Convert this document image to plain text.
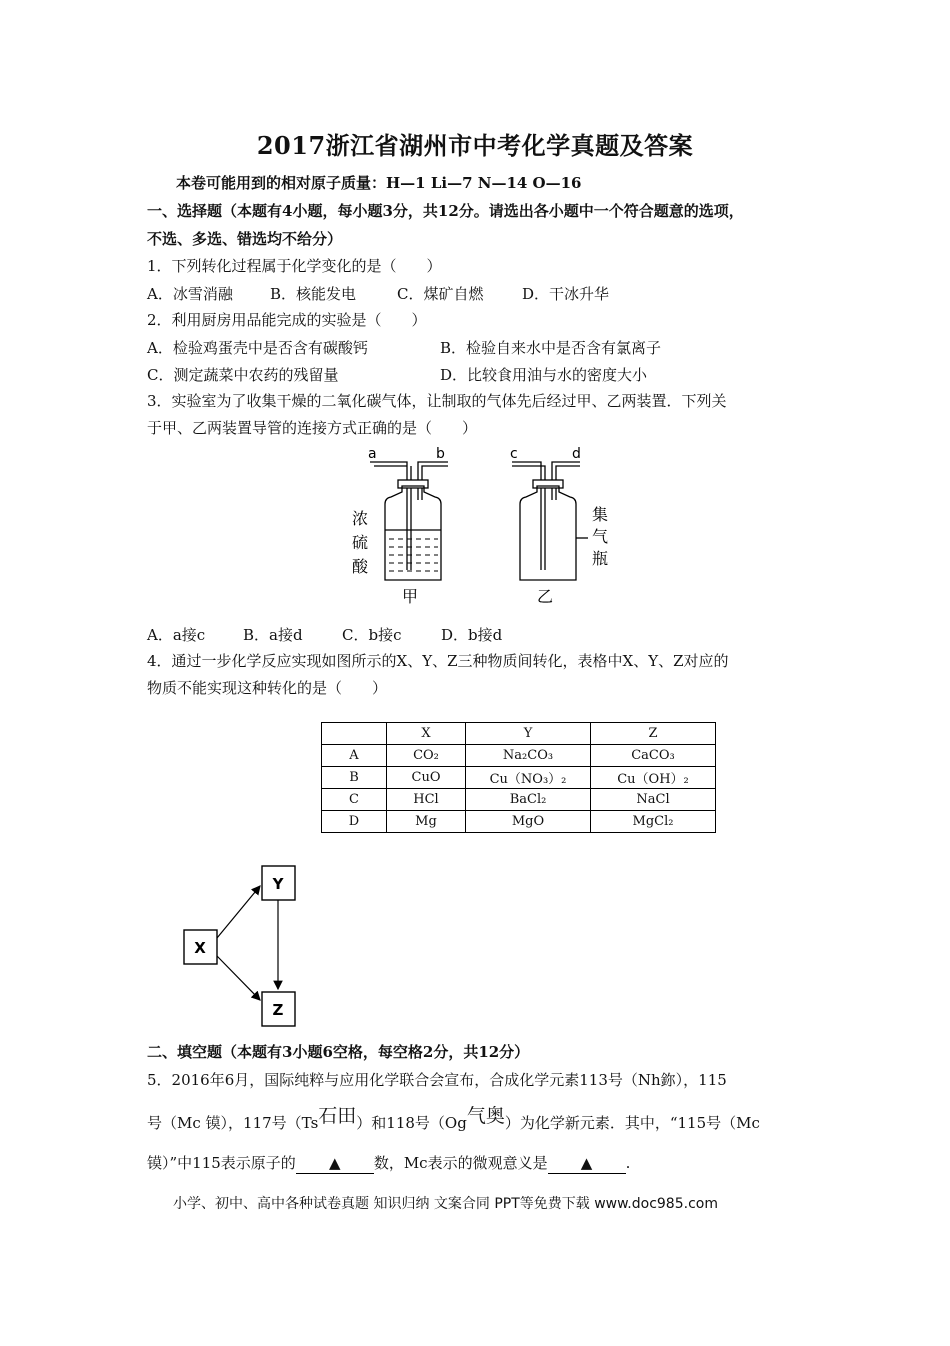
2017浙江省湖州市中考化学真题及答案
本卷可能用到的相对原子质量：H—1 Li—7 N—14 O—16
一、选择题（本题有4小题，每小题3分，共12分。请选出各小题中一个符合题意的选项，
不选、多选、错选均不给分）
1．下列转化过程属于化学变化的是（　　）
A．冰雪消融 B．核能发电	C．煤矿自燃	D．干冰升华
2．利用厨房用品能完成的实验是（　　）
A．检验鸡蛋壳中是否含有碳酸钙	B．检验自来水中是否含有氯离子
C．测定蔬菜中农药的残留量	D．比较食用油与水的密度大小
3．实验室为了收集干燥的二氧化碳气体，让制取的气体先后经过甲、乙两装置．下列关
于甲、乙两装置导管的连接方式正确的是（　　）
a	b
浓
硫
酸
甲
c	d
集
气
瓶
乙
A．a接c	B．a接d	C．b接c	D．b接d
4．通过一步化学反应实现如图所示的X、Y、Z三种物质间转化，表格中X、Y、Z对应的
物质不能实现这种转化的是（　　）
	X	Y	Z
A	CO₂	Na₂CO₃	CaCO₃
B	CuO	Cu（NO₃）₂	Cu（OH）₂
C	HCl	BaCl₂	NaCl
D	Mg	MgO	MgCl₂
X
Y
Z
二、填空题（本题有3小题6空格，每空格2分，共12分）
5．2016年6月，国际纯粹与应用化学联合会宣布，合成化学元素113号（Nh鉨），115
号（Mc 镆），117号（Ts石田）和118号（Og气奥）为化学新元素．其中，“115号（Mc
镆）”中115表示原子的 ▲ 数，Mc表示的微观意义是 ▲ .
小学、初中、高中各种试卷真题 知识归纳 文案合同 PPT等免费下载 www.doc985.com
